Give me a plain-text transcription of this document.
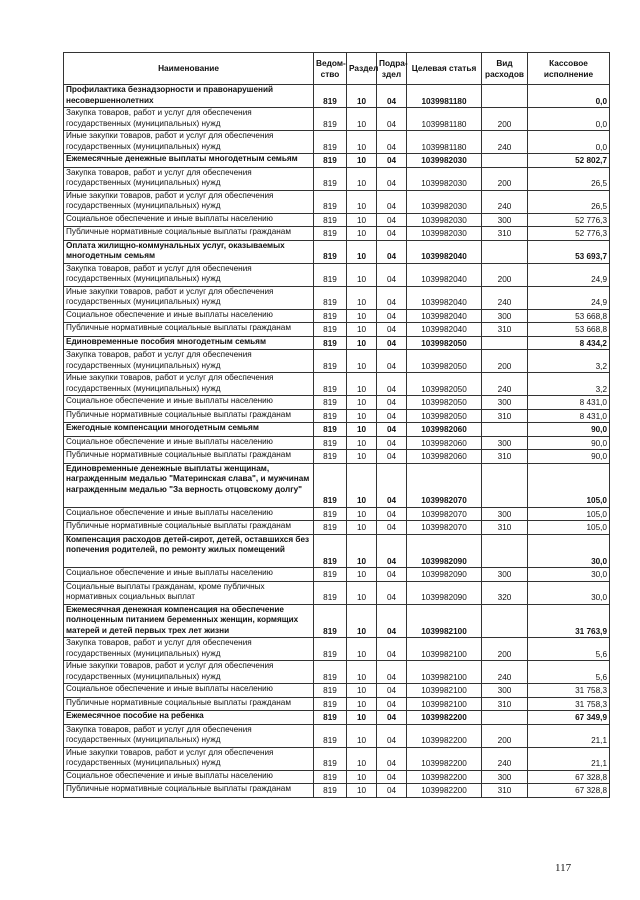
Наименование	Ведом-ство	Раздел	Подра-здел	Целевая статья	Вид расходов	Кассовое исполнение
Профилактика безнадзорности и правонарушений несовершеннолетних	819	10	04	1039981180		0,0
Закупка товаров, работ и услуг для обеспечения государственных (муниципальных) нужд	819	10	04	1039981180	200	0,0
Иные закупки товаров, работ и услуг для обеспечения государственных (муниципальных) нужд	819	10	04	1039981180	240	0,0
Ежемесячные денежные выплаты многодетным семьям	819	10	04	1039982030		52 802,7
Закупка товаров, работ и услуг для обеспечения государственных (муниципальных) нужд	819	10	04	1039982030	200	26,5
Иные закупки товаров, работ и услуг для обеспечения государственных (муниципальных) нужд	819	10	04	1039982030	240	26,5
Социальное обеспечение и иные выплаты населению	819	10	04	1039982030	300	52 776,3
Публичные нормативные социальные выплаты гражданам	819	10	04	1039982030	310	52 776,3
Оплата жилищно-коммунальных услуг, оказываемых многодетным семьям	819	10	04	1039982040		53 693,7
Закупка товаров, работ и услуг для обеспечения государственных (муниципальных) нужд	819	10	04	1039982040	200	24,9
Иные закупки товаров, работ и услуг для обеспечения государственных (муниципальных) нужд	819	10	04	1039982040	240	24,9
Социальное обеспечение и иные выплаты населению	819	10	04	1039982040	300	53 668,8
Публичные нормативные социальные выплаты гражданам	819	10	04	1039982040	310	53 668,8
Единовременные пособия многодетным семьям	819	10	04	1039982050		8 434,2
Закупка товаров, работ и услуг для обеспечения государственных (муниципальных) нужд	819	10	04	1039982050	200	3,2
Иные закупки товаров, работ и услуг для обеспечения государственных (муниципальных) нужд	819	10	04	1039982050	240	3,2
Социальное обеспечение и иные выплаты населению	819	10	04	1039982050	300	8 431,0
Публичные нормативные социальные выплаты гражданам	819	10	04	1039982050	310	8 431,0
Ежегодные компенсации многодетным семьям	819	10	04	1039982060		90,0
Социальное обеспечение и иные выплаты населению	819	10	04	1039982060	300	90,0
Публичные нормативные социальные выплаты гражданам	819	10	04	1039982060	310	90,0
Единовременные денежные выплаты женщинам, награжденным медалью "Материнская слава", и мужчинам награжденным медалью "За верность отцовскому долгу"	819	10	04	1039982070		105,0
Социальное обеспечение и иные выплаты населению	819	10	04	1039982070	300	105,0
Публичные нормативные социальные выплаты гражданам	819	10	04	1039982070	310	105,0
Компенсация расходов детей-сирот, детей, оставшихся без попечения родителей, по ремонту жилых помещений	819	10	04	1039982090		30,0
Социальное обеспечение и иные выплаты населению	819	10	04	1039982090	300	30,0
Социальные выплаты гражданам, кроме публичных нормативных социальных выплат	819	10	04	1039982090	320	30,0
Ежемесячная денежная компенсация на обеспечение полноценным питанием беременных женщин, кормящих матерей и детей первых трех лет жизни	819	10	04	1039982100		31 763,9
Закупка товаров, работ и услуг для обеспечения государственных (муниципальных) нужд	819	10	04	1039982100	200	5,6
Иные закупки товаров, работ и услуг для обеспечения государственных (муниципальных) нужд	819	10	04	1039982100	240	5,6
Социальное обеспечение и иные выплаты населению	819	10	04	1039982100	300	31 758,3
Публичные нормативные социальные выплаты гражданам	819	10	04	1039982100	310	31 758,3
Ежемесячное пособие на ребенка	819	10	04	1039982200		67 349,9
Закупка товаров, работ и услуг для обеспечения государственных (муниципальных) нужд	819	10	04	1039982200	200	21,1
Иные закупки товаров, работ и услуг для обеспечения государственных (муниципальных) нужд	819	10	04	1039982200	240	21,1
Социальное обеспечение и иные выплаты населению	819	10	04	1039982200	300	67 328,8
Публичные нормативные социальные выплаты гражданам	819	10	04	1039982200	310	67 328,8
117
